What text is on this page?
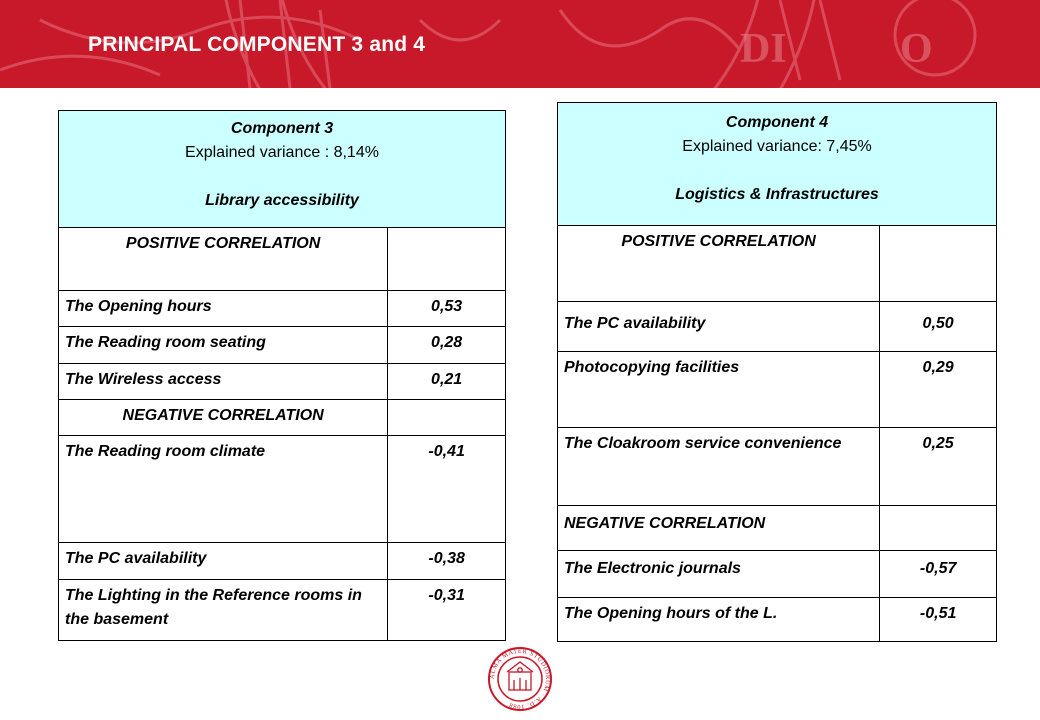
DI	O
PRINCIPAL COMPONENT 3 and 4
Component 3
Explained variance : 8,14%
Library accessibility	

POSITIVE CORRELATION	
The Opening hours	0,53
The Reading room seating	0,28
The Wireless access	0,21
NEGATIVE CORRELATION	
The Reading room climate	-0,41
The PC availability	-0,38
The Lighting in the Reference rooms in the basement	-0,31
Component 4
Explained variance: 7,45%
Logistics & Infrastructures	

POSITIVE CORRELATION	
The PC availability	0,50
Photocopying facilities	0,29
The Cloakroom service convenience	0,25
NEGATIVE CORRELATION	
The Electronic journals	-0,57
The Opening hours of the L.	-0,51
ALMA MATER STUDIORUM · A.D. 1088
